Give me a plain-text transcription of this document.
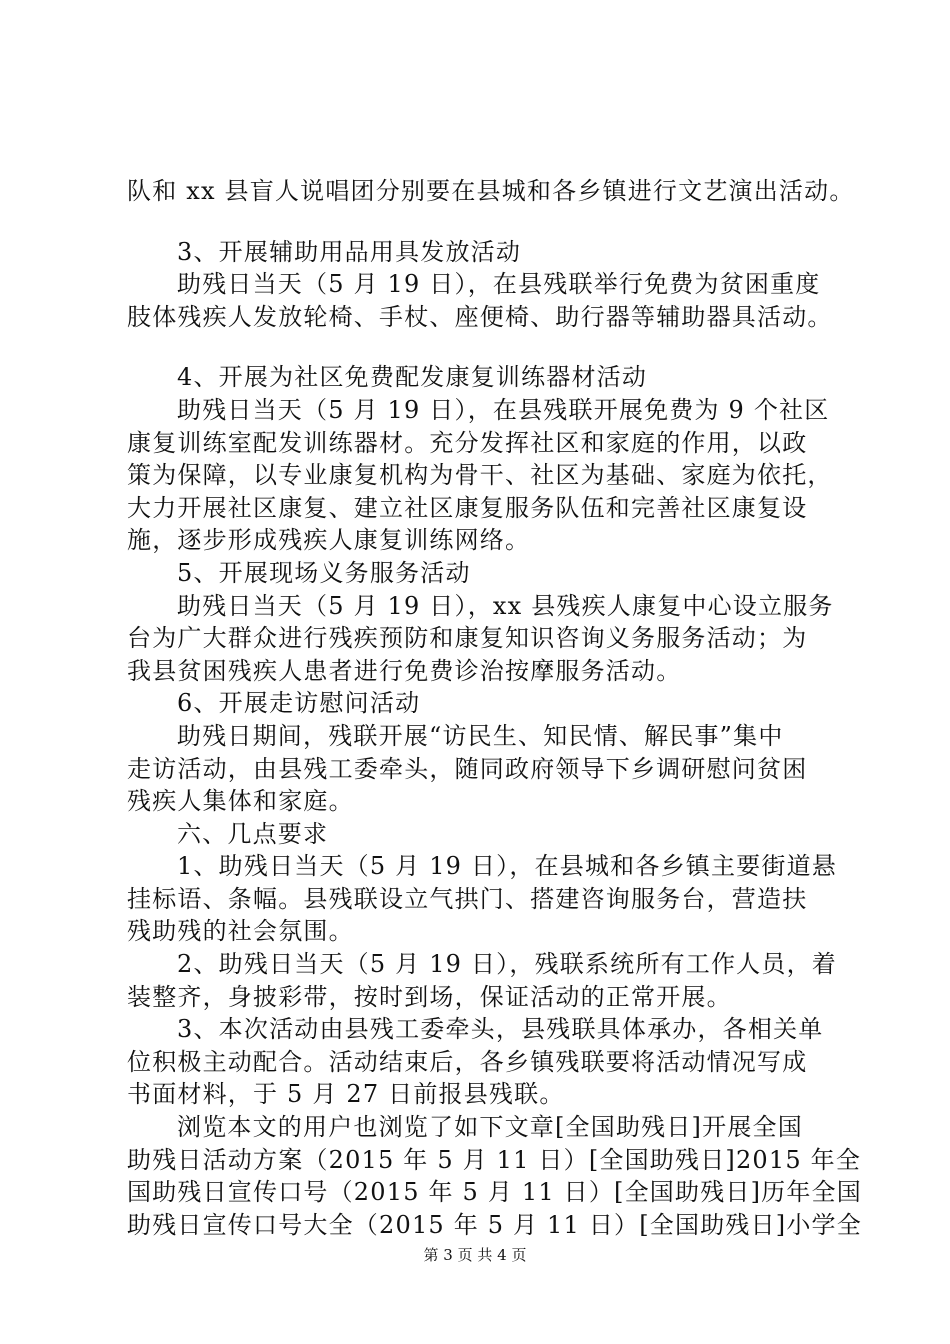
队和 xx 县盲人说唱团分别要在县城和各乡镇进行文艺演出活动。
3、开展辅助用品用具发放活动
助残日当天（5 月 19 日），在县残联举行免费为贫困重度
肢体残疾人发放轮椅、手杖、座便椅、助行器等辅助器具活动。
4、开展为社区免费配发康复训练器材活动
助残日当天（5 月 19 日），在县残联开展免费为 9 个社区
康复训练室配发训练器材。充分发挥社区和家庭的作用，以政
策为保障，以专业康复机构为骨干、社区为基础、家庭为依托，
大力开展社区康复、建立社区康复服务队伍和完善社区康复设
施，逐步形成残疾人康复训练网络。
5、开展现场义务服务活动
助残日当天（5 月 19 日），xx 县残疾人康复中心设立服务
台为广大群众进行残疾预防和康复知识咨询义务服务活动；为
我县贫困残疾人患者进行免费诊治按摩服务活动。
6、开展走访慰问活动
助残日期间，残联开展“访民生、知民情、解民事”集中
走访活动，由县残工委牵头，随同政府领导下乡调研慰问贫困
残疾人集体和家庭。
六、几点要求
1、助残日当天（5 月 19 日），在县城和各乡镇主要街道悬
挂标语、条幅。县残联设立气拱门、搭建咨询服务台，营造扶
残助残的社会氛围。
2、助残日当天（5 月 19 日），残联系统所有工作人员，着
装整齐，身披彩带，按时到场，保证活动的正常开展。
3、本次活动由县残工委牵头，县残联具体承办，各相关单
位积极主动配合。活动结束后，各乡镇残联要将活动情况写成
书面材料，于 5 月 27 日前报县残联。
浏览本文的用户也浏览了如下文章[全国助残日]开展全国
助残日活动方案（2015 年 5 月 11 日）[全国助残日]2015 年全
国助残日宣传口号（2015 年 5 月 11 日）[全国助残日]历年全国
助残日宣传口号大全（2015 年 5 月 11 日）[全国助残日]小学全
第 3 页 共 4 页
